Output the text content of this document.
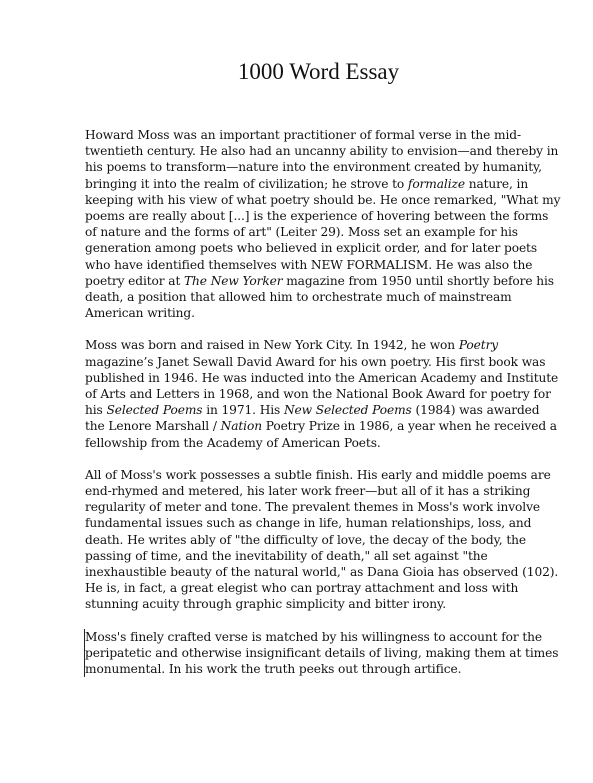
1000 Word Essay

Howard Moss was an important practitioner of formal verse in the mid-twentieth century. He also had an uncanny ability to envision—and thereby in his poems to transform—nature into the environment created by humanity, bringing it into the realm of civilization; he strove to formalize nature, in keeping with his view of what poetry should be. He once remarked, "What my poems are really about [...] is the experience of hovering between the forms of nature and the forms of art" (Leiter 29). Moss set an example for his generation among poets who believed in explicit order, and for later poets who have identified themselves with NEW FORMALISM. He was also the poetry editor at The New Yorker magazine from 1950 until shortly before his death, a position that allowed him to orchestrate much of mainstream American writing.

Moss was born and raised in New York City. In 1942, he won Poetry magazine’s Janet Sewall David Award for his own poetry. His first book was published in 1946. He was inducted into the American Academy and Institute of Arts and Letters in 1968, and won the National Book Award for poetry for his Selected Poems in 1971. His New Selected Poems (1984) was awarded the Lenore Marshall / Nation Poetry Prize in 1986, a year when he received a fellowship from the Academy of American Poets.

All of Moss's work possesses a subtle finish. His early and middle poems are end-rhymed and metered, his later work freer—but all of it has a striking regularity of meter and tone. The prevalent themes in Moss's work involve fundamental issues such as change in life, human relationships, loss, and death. He writes ably of "the difficulty of love, the decay of the body, the passing of time, and the inevitability of death," all set against "the inexhaustible beauty of the natural world," as Dana Gioia has observed (102). He is, in fact, a great elegist who can portray attachment and loss with stunning acuity through graphic simplicity and bitter irony.

Moss's finely crafted verse is matched by his willingness to account for the peripatetic and otherwise insignificant details of living, making them at times monumental. In his work the truth peeks out through artifice.
